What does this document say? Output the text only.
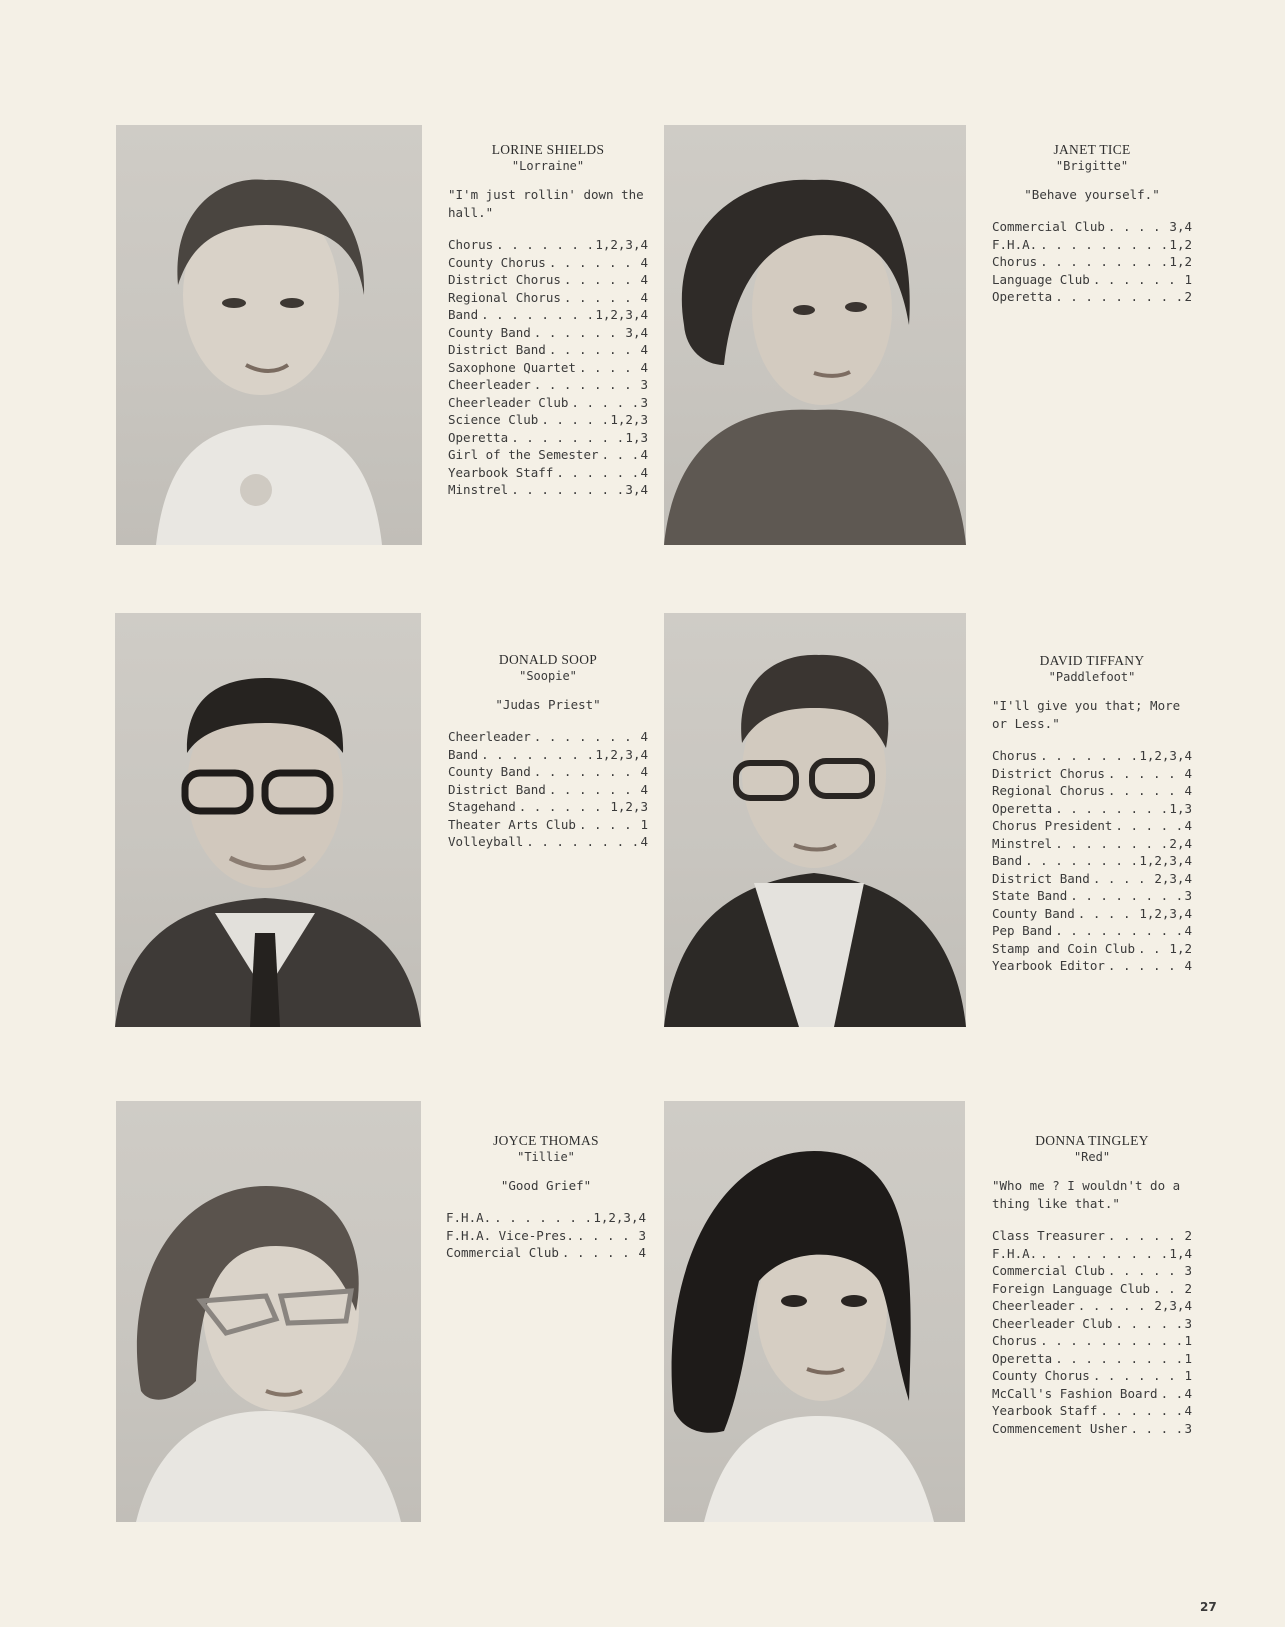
LORINE SHIELDS
"Lorraine"
"I'm just rollin' down the hall."
Chorus . . .	1,2,3,4
County Chorus . . .	4
District Chorus . . .	4
Regional Chorus . . .	4
Band . . .	1,2,3,4
County Band . . .	3,4
District Band . . .	4
Saxophone Quartet . . .	4
Cheerleader . . .	3
Cheerleader Club . . .	3
Science Club . . .	1,2,3
Operetta . . .	1,3
Girl of the Semester . . .	4
Yearbook Staff . . .	4
Minstrel . . .	3,4
JANET TICE
"Brigitte"
"Behave yourself."
Commercial Club . . .	3,4
F.H.A. . . .	1,2
Chorus . . .	1,2
Language Club . . .	1
Operetta . . .	2
DONALD SOOP
"Soopie"
"Judas Priest"
Cheerleader . . .	4
Band . . .	1,2,3,4
County Band . . .	4
District Band . . .	4
Stagehand . . .	1,2,3
Theater Arts Club . . .	1
Volleyball . . .	4
DAVID TIFFANY
"Paddlefoot"
"I'll give you that; More or Less."
Chorus . . .	1,2,3,4
District Chorus . . .	4
Regional Chorus . . .	4
Operetta . . .	1,3
Chorus President . . .	4
Minstrel . . .	2,4
Band . . .	1,2,3,4
District Band . . .	2,3,4
State Band . . .	3
County Band . . .	1,2,3,4
Pep Band . . .	4
Stamp and Coin Club . . .	1,2
Yearbook Editor . . .	4
JOYCE THOMAS
"Tillie"
"Good Grief"
F.H.A. . . .	1,2,3,4
F.H.A. Vice-Pres. . . .	3
Commercial Club . . .	4
DONNA TINGLEY
"Red"
"Who me ? I wouldn't do a thing like that."
Class Treasurer . . .	2
F.H.A. . . .	1,4
Commercial Club . . .	3
Foreign Language Club . . .	2
Cheerleader . . .	2,3,4
Cheerleader Club . . .	3
Chorus . . .	1
Operetta . . .	1
County Chorus . . .	1
McCall's Fashion Board . . . 4
Yearbook Staff . . .	4
Commencement Usher . . .	3
27
